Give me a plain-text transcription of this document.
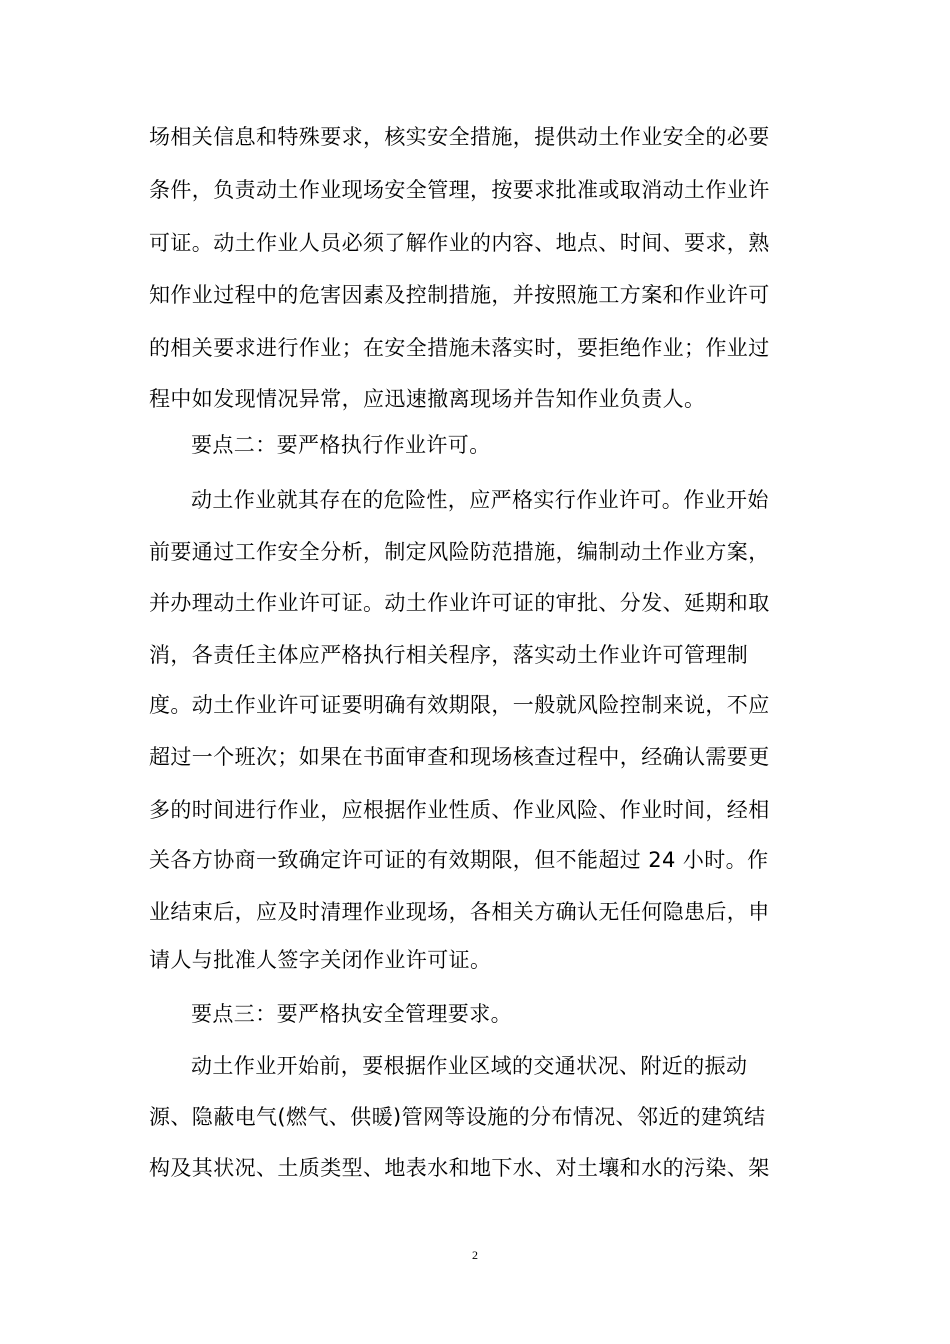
场相关信息和特殊要求，核实安全措施，提供动土作业安全的必要
条件，负责动土作业现场安全管理，按要求批准或取消动土作业许
可证。动土作业人员必须了解作业的内容、地点、时间、要求，熟
知作业过程中的危害因素及控制措施，并按照施工方案和作业许可
的相关要求进行作业；在安全措施未落实时，要拒绝作业；作业过
程中如发现情况异常，应迅速撤离现场并告知作业负责人。
要点二：要严格执行作业许可。
动土作业就其存在的危险性，应严格实行作业许可。作业开始
前要通过工作安全分析，制定风险防范措施，编制动土作业方案，
并办理动土作业许可证。动土作业许可证的审批、分发、延期和取
消，各责任主体应严格执行相关程序，落实动土作业许可管理制
度。动土作业许可证要明确有效期限，一般就风险控制来说，不应
超过一个班次；如果在书面审查和现场核查过程中，经确认需要更
多的时间进行作业，应根据作业性质、作业风险、作业时间，经相
关各方协商一致确定许可证的有效期限，但不能超过 24 小时。作
业结束后，应及时清理作业现场，各相关方确认无任何隐患后，申
请人与批准人签字关闭作业许可证。
要点三：要严格执安全管理要求。
动土作业开始前，要根据作业区域的交通状况、附近的振动
源、隐蔽电气(燃气、供暖)管网等设施的分布情况、邻近的建筑结
构及其状况、土质类型、地表水和地下水、对土壤和水的污染、架
2
